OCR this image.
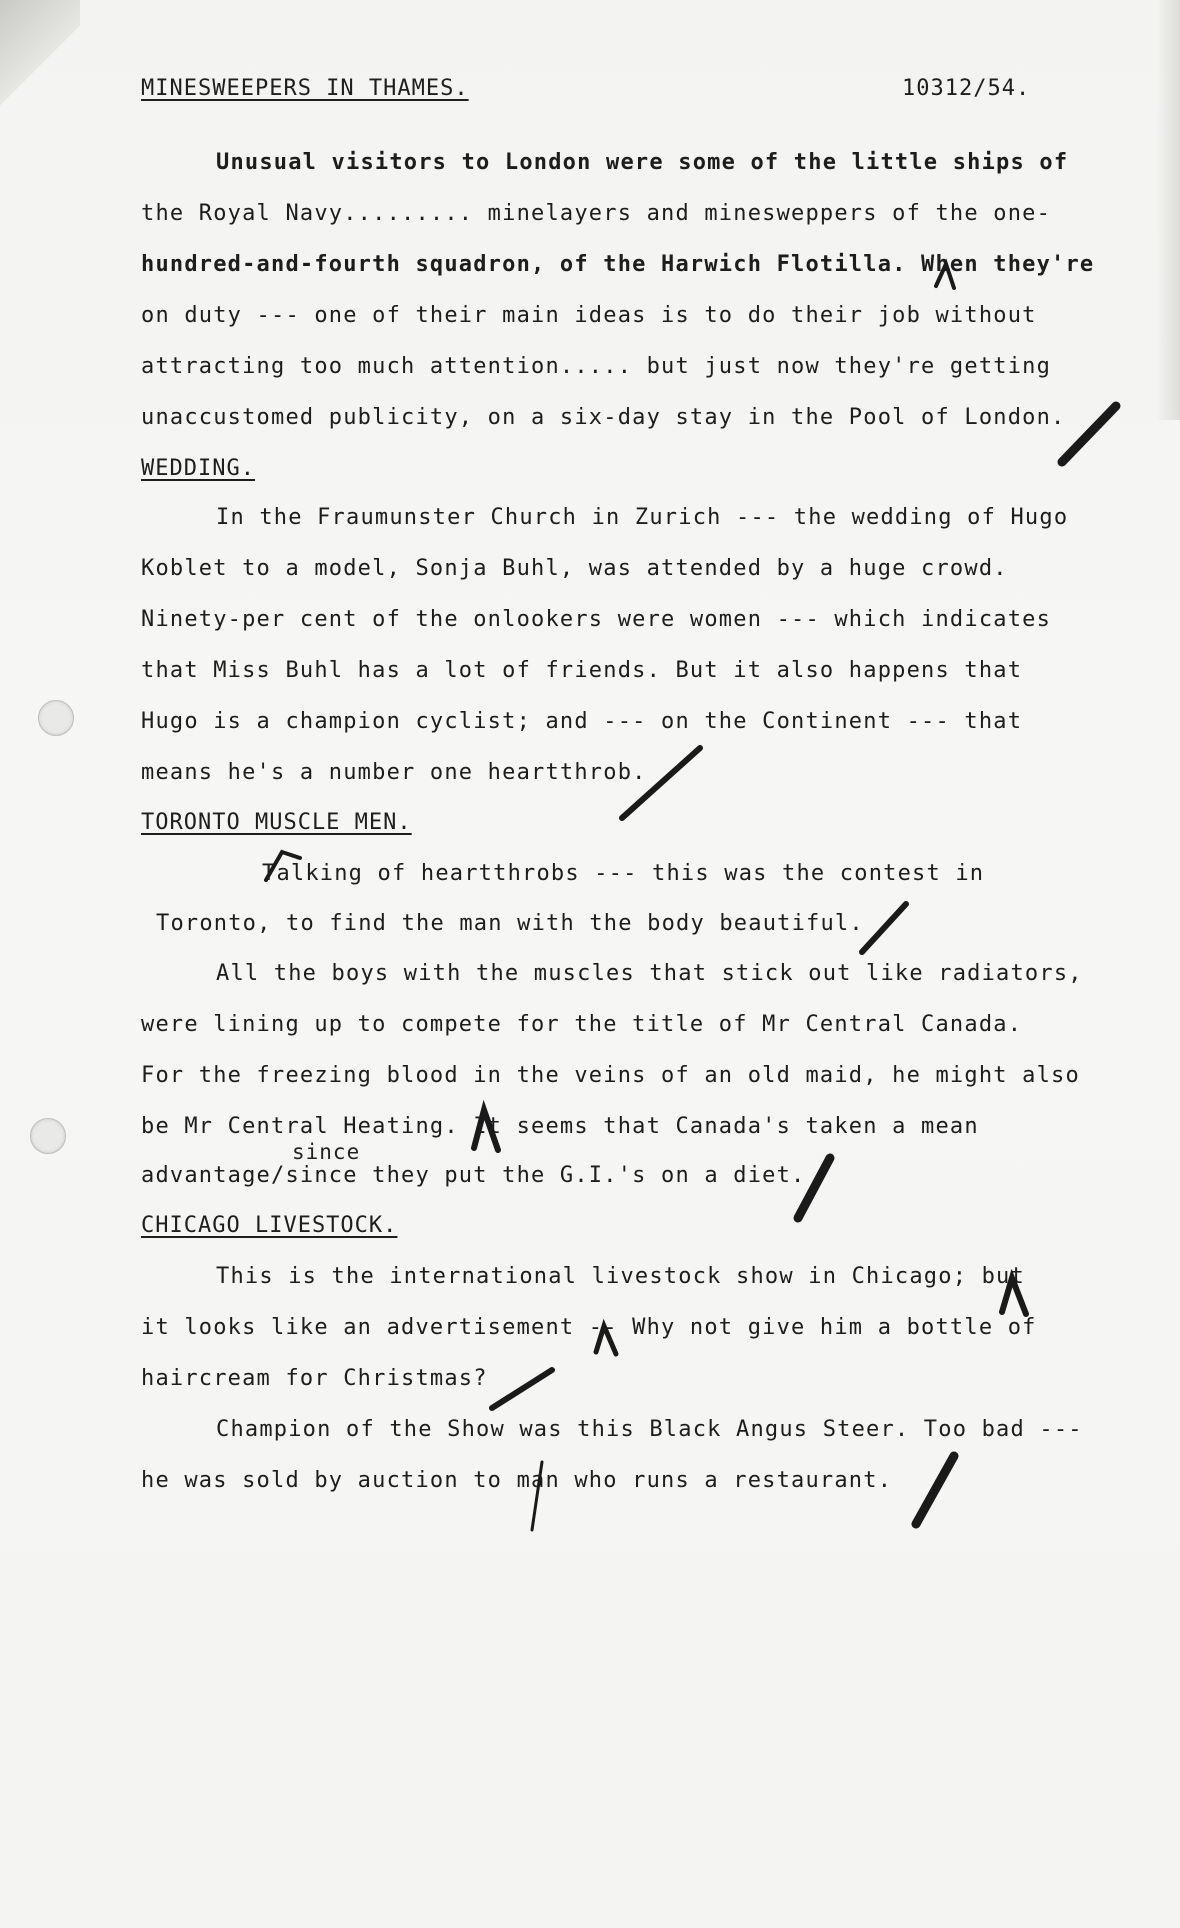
MINESWEEPERS IN THAMES.	10312/54.
Unusual visitors to London were some of the little ships of
the Royal Navy......... minelayers and minesweppers of the one-
hundred-and-fourth squadron, of the Harwich Flotilla. When they're
on duty --- one of their main ideas is to do their job without
attracting too much attention..... but just now they're getting
unaccustomed publicity, on a six-day stay in the Pool of London.
WEDDING.
In the Fraumunster Church in Zurich --- the wedding of Hugo
Koblet to a model, Sonja Buhl, was attended by a huge crowd.
Ninety-per cent of the onlookers were women --- which indicates
that Miss Buhl has a lot of friends. But it also happens that
Hugo is a champion cyclist; and --- on the Continent --- that
means he's a number one heartthrob.
TORONTO MUSCLE MEN.
Talking of heartthrobs --- this was the contest in
Toronto, to find the man with the body beautiful.
All the boys with the muscles that stick out like radiators,
were lining up to compete for the title of Mr Central Canada.
For the freezing blood in the veins of an old maid, he might also
be Mr Central Heating. It seems that Canada's taken a mean
since
advantage/since they put the G.I.'s on a diet.
CHICAGO LIVESTOCK.
This is the international livestock show in Chicago; but
it looks like an advertisement -- Why not give him a bottle of
haircream for Christmas?
Champion of the Show was this Black Angus Steer. Too bad ---
he was sold by auction to man who runs a restaurant.
